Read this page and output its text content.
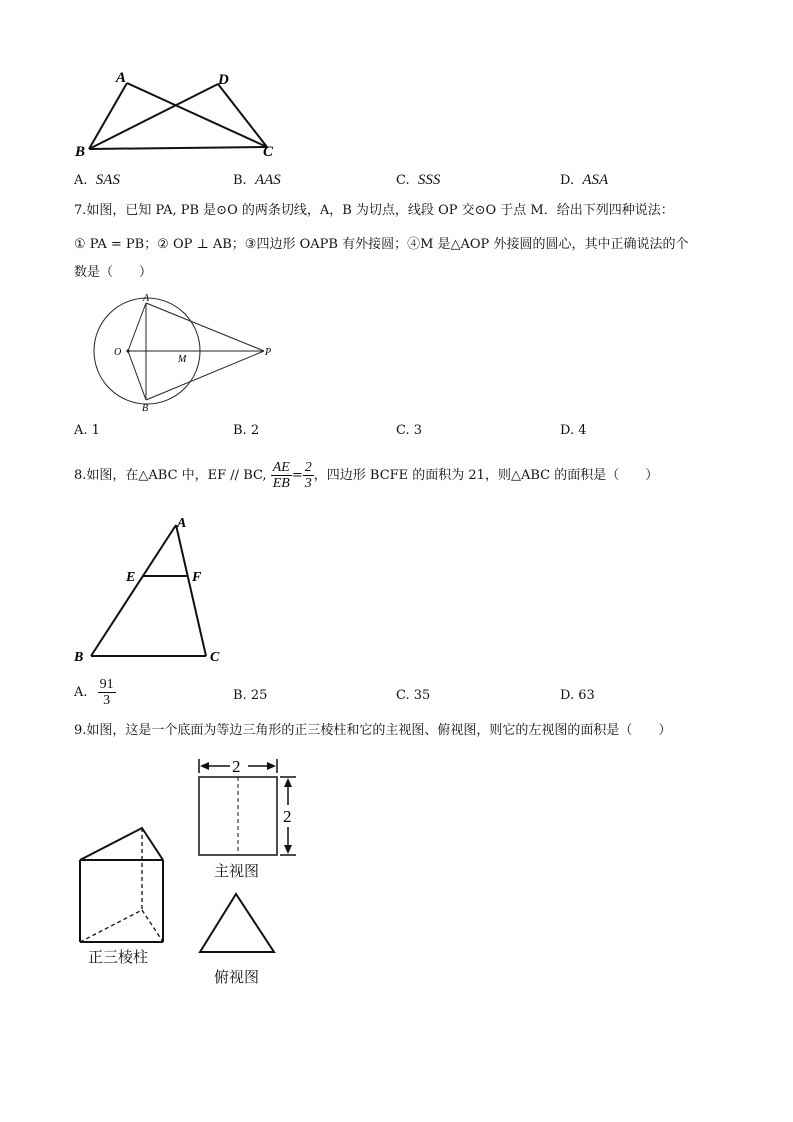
A	D
B	C
A. SAS	B. AAS	C. SSS	D. ASA
7.如图，已知 PA, PB 是⊙O 的两条切线，A，B 为切点，线段 OP 交⊙O 于点 M．给出下列四种说法：
① PA = PB；② OP ⊥ AB；③四边形 OAPB 有外接圆；④M 是△AOP 外接圆的圆心，其中正确说法的个
数是（　　）
A
O
M
P
B
A. 1	B. 2	C. 3	D. 4
8.如图，在△ABC 中，EF // BC, $\frac{AE}{EB} = \frac{2}{3}$ ，四边形 BCFE 的面积为 21，则△ABC 的面积是（　　）
A
E	F
B	C
A. $\frac{91}{3}$	B. 25	C. 35	D. 63
9.如图，这是一个底面为等边三角形的正三棱柱和它的主视图、俯视图，则它的左视图的面积是（　　）
正三棱柱
2
2
主视图
俯视图
